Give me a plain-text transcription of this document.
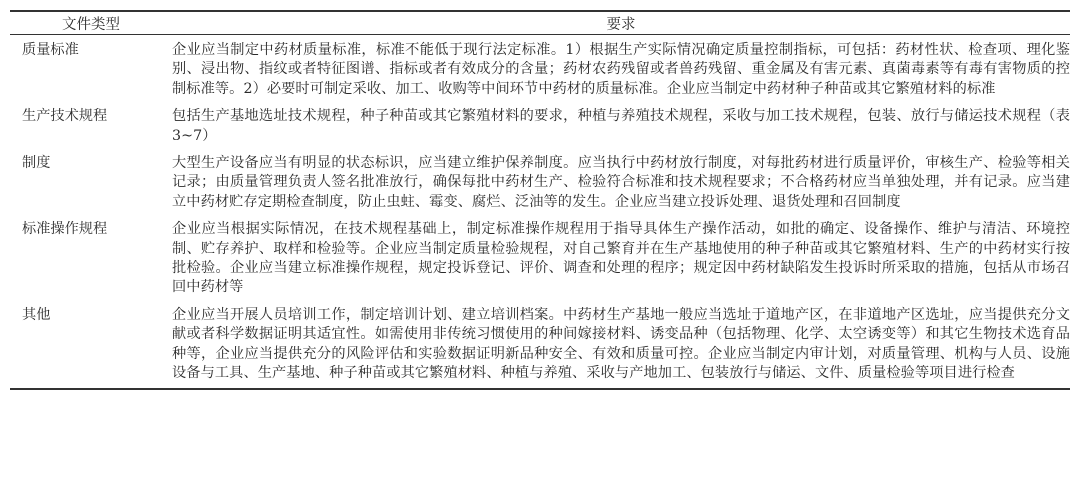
文件类型	要求
质量标准	企业应当制定中药材质量标准，标准不能低于现行法定标准。1）根据生产实际情况确定质量控制指标，可包括：药材性状、检查项、理化鉴别、浸出物、指纹或者特征图谱、指标或者有效成分的含量；药材农药残留或者兽药残留、重金属及有害元素、真菌毒素等有毒有害物质的控制标准等。2）必要时可制定采收、加工、收购等中间环节中药材的质量标准。企业应当制定中药材种子种苗或其它繁殖材料的标准
生产技术规程	包括生产基地选址技术规程，种子种苗或其它繁殖材料的要求，种植与养殖技术规程，采收与加工技术规程，包装、放行与储运技术规程（表3~7）
制度	大型生产设备应当有明显的状态标识，应当建立维护保养制度。应当执行中药材放行制度，对每批药材进行质量评价，审核生产、检验等相关记录；由质量管理负责人签名批准放行，确保每批中药材生产、检验符合标准和技术规程要求；不合格药材应当单独处理，并有记录。应当建立中药材贮存定期检查制度，防止虫蛀、霉变、腐烂、泛油等的发生。企业应当建立投诉处理、退货处理和召回制度
标准操作规程	企业应当根据实际情况，在技术规程基础上，制定标准操作规程用于指导具体生产操作活动，如批的确定、设备操作、维护与清洁、环境控制、贮存养护、取样和检验等。企业应当制定质量检验规程，对自己繁育并在生产基地使用的种子种苗或其它繁殖材料、生产的中药材实行按批检验。企业应当建立标准操作规程，规定投诉登记、评价、调查和处理的程序；规定因中药材缺陷发生投诉时所采取的措施，包括从市场召回中药材等
其他	企业应当开展人员培训工作，制定培训计划、建立培训档案。中药材生产基地一般应当选址于道地产区，在非道地产区选址，应当提供充分文献或者科学数据证明其适宜性。如需使用非传统习惯使用的种间嫁接材料、诱变品种（包括物理、化学、太空诱变等）和其它生物技术选育品种等，企业应当提供充分的风险评估和实验数据证明新品种安全、有效和质量可控。企业应当制定内审计划，对质量管理、机构与人员、设施设备与工具、生产基地、种子种苗或其它繁殖材料、种植与养殖、采收与产地加工、包装放行与储运、文件、质量检验等项目进行检查
